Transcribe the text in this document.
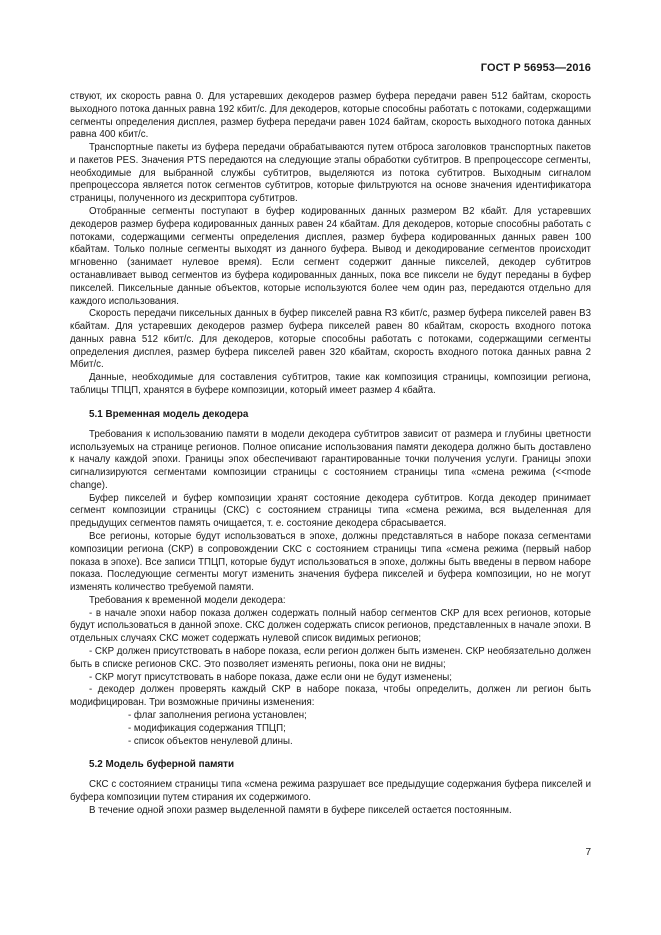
ГОСТ Р 56953—2016

ствуют, их скорость равна 0. Для устаревших декодеров размер буфера передачи равен 512 байтам, скорость выходного потока данных равна 192 кбит/с. Для декодеров, которые способны работать с потоками, содержащими сегменты определения дисплея, размер буфера передачи равен 1024 байтам, скорость выходного потока данных равна 400 кбит/с.

Транспортные пакеты из буфера передачи обрабатываются путем отброса заголовков транспортных пакетов и пакетов PES. Значения PTS передаются на следующие этапы обработки субтитров. В препроцессоре сегменты, необходимые для выбранной службы субтитров, выделяются из потока субтитров. Выходным сигналом препроцессора является поток сегментов субтитров, которые фильтруются на основе значения идентификатора страницы, полученного из дескриптора субтитров.

Отобранные сегменты поступают в буфер кодированных данных размером B2 кбайт. Для устаревших декодеров размер буфера кодированных данных равен 24 кбайтам. Для декодеров, которые способны работать с потоками, содержащими сегменты определения дисплея, размер буфера кодированных данных равен 100 кбайтам. Только полные сегменты выходят из данного буфера. Вывод и декодирование сегментов происходит мгновенно (занимает нулевое время). Если сегмент содержит данные пикселей, декодер субтитров останавливает вывод сегментов из буфера кодированных данных, пока все пиксели не будут переданы в буфер пикселей. Пиксельные данные объектов, которые используются более чем один раз, передаются отдельно для каждого использования.

Скорость передачи пиксельных данных в буфер пикселей равна R3 кбит/с, размер буфера пикселей равен B3 кбайтам. Для устаревших декодеров размер буфера пикселей равен 80 кбайтам, скорость входного потока данных равна 512 кбит/с. Для декодеров, которые способны работать с потоками, содержащими сегменты определения дисплея, размер буфера пикселей равен 320 кбайтам, скорость входного потока данных равна 2 Мбит/с.

Данные, необходимые для составления субтитров, такие как композиция страницы, композиции региона, таблицы ТПЦП, хранятся в буфере композиции, который имеет размер 4 кбайта.

5.1 Временная модель декодера

Требования к использованию памяти в модели декодера субтитров зависит от размера и глубины цветности используемых на странице регионов. Полное описание использования памяти декодера должно быть доставлено к началу каждой эпохи. Границы эпох обеспечивают гарантированные точки получения услуги. Границы эпохи сигнализируются сегментами композиции страницы с состоянием страницы типа «смена режима (<<mode change).

Буфер пикселей и буфер композиции хранят состояние декодера субтитров. Когда декодер принимает сегмент композиции страницы (СКС) с состоянием страницы типа «смена режима, вся выделенная для предыдущих сегментов память очищается, т. е. состояние декодера сбрасывается.

Все регионы, которые будут использоваться в эпохе, должны представляться в наборе показа сегментами композиции региона (СКР) в сопровождении СКС с состоянием страницы типа «смена режима (первый набор показа в эпохе). Все записи ТПЦП, которые будут использоваться в эпохе, должны быть введены в первом наборе показа. Последующие сегменты могут изменить значения буфера пикселей и буфера композиции, но не могут изменять количество требуемой памяти.

Требования к временной модели декодера:

- в начале эпохи набор показа должен содержать полный набор сегментов СКР для всех регионов, которые будут использоваться в данной эпохе. СКС должен содержать список регионов, представленных в начале эпохи. В отдельных случаях СКС может содержать нулевой список видимых регионов;

- СКР должен присутствовать в наборе показа, если регион должен быть изменен. СКР необязательно должен быть в списке регионов СКС. Это позволяет изменять регионы, пока они не видны;

- СКР могут присутствовать в наборе показа, даже если они не будут изменены;

- декодер должен проверять каждый СКР в наборе показа, чтобы определить, должен ли регион быть модифицирован. Три возможные причины изменения:

- флаг заполнения региона установлен;

- модификация содержания ТПЦП;

- список объектов ненулевой длины.

5.2 Модель буферной памяти

СКС с состоянием страницы типа «смена режима разрушает все предыдущие содержания буфера пикселей и буфера композиции путем стирания их содержимого.

В течение одной эпохи размер выделенной памяти в буфере пикселей остается постоянным.

7
